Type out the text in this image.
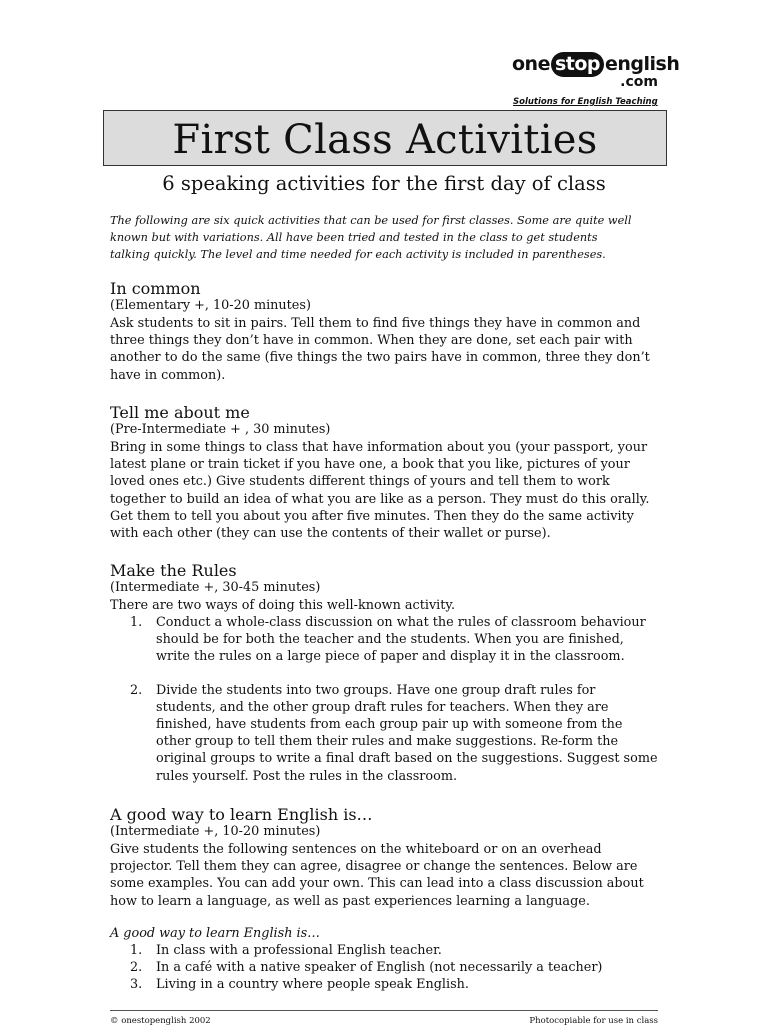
one stop english
.com
Solutions for English Teaching
First Class Activities
6 speaking activities for the first day of class
The following are six quick activities that can be used for first classes. Some are quite well known but with variations. All have been tried and tested in the class to get students talking quickly. The level and time needed for each activity is included in parentheses.
In common
(Elementary +, 10-20 minutes)
Ask students to sit in pairs. Tell them to find five things they have in common and three things they don’t have in common. When they are done, set each pair with another to do the same (five things the two pairs have in common, three they don’t have in common).
Tell me about me
(Pre-Intermediate + , 30 minutes)
Bring in some things to class that have information about you (your passport, your latest plane or train ticket if you have one, a book that you like, pictures of your loved ones etc.) Give students different things of yours and tell them to work together to build an idea of what you are like as a person. They must do this orally. Get them to tell you about you after five minutes. Then they do the same activity with each other (they can use the contents of their wallet or purse).
Make the Rules
(Intermediate +, 30-45 minutes)
There are two ways of doing this well-known activity.
1. Conduct a whole-class discussion on what the rules of classroom behaviour should be for both the teacher and the students. When you are finished, write the rules on a large piece of paper and display it in the classroom.
2. Divide the students into two groups. Have one group draft rules for students, and the other group draft rules for teachers. When they are finished, have students from each group pair up with someone from the other group to tell them their rules and make suggestions. Re-form the original groups to write a final draft based on the suggestions. Suggest some rules yourself. Post the rules in the classroom.
A good way to learn English is…
(Intermediate +, 10-20 minutes)
Give students the following sentences on the whiteboard or on an overhead projector. Tell them they can agree, disagree or change the sentences. Below are some examples. You can add your own. This can lead into a class discussion about how to learn a language, as well as past experiences learning a language.
A good way to learn English is…
1. In class with a professional English teacher.
2. In a café with a native speaker of English (not necessarily a teacher)
3. Living in a country where people speak English.
© onestopenglish 2002	Photocopiable for use in class
